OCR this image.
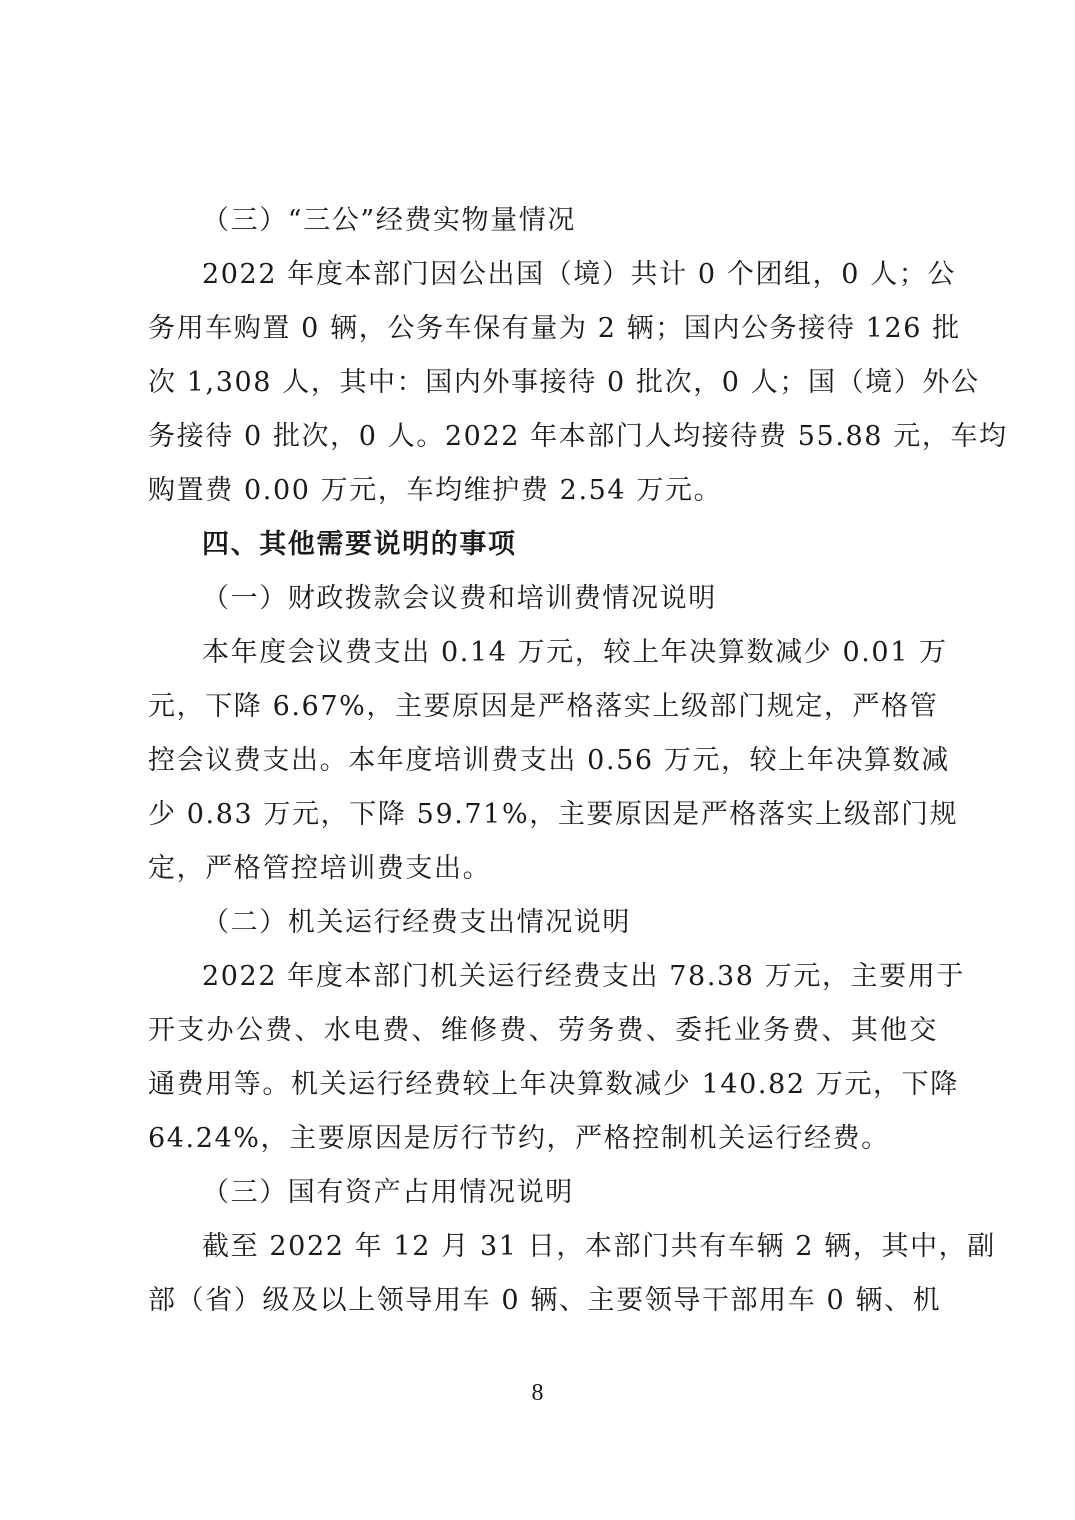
（三）“三公”经费实物量情况
2022 年度本部门因公出国（境）共计 0 个团组，0 人；公
务用车购置 0 辆，公务车保有量为 2 辆；国内公务接待 126 批
次 1,308 人，其中：国内外事接待 0 批次，0 人；国（境）外公
务接待 0 批次，0 人。2022 年本部门人均接待费 55.88 元，车均
购置费 0.00 万元，车均维护费 2.54 万元。
四、其他需要说明的事项
（一）财政拨款会议费和培训费情况说明
本年度会议费支出 0.14 万元，较上年决算数减少 0.01 万
元，下降 6.67%，主要原因是严格落实上级部门规定，严格管
控会议费支出。本年度培训费支出 0.56 万元，较上年决算数减
少 0.83 万元，下降 59.71%，主要原因是严格落实上级部门规
定，严格管控培训费支出。
（二）机关运行经费支出情况说明
2022 年度本部门机关运行经费支出 78.38 万元，主要用于
开支办公费、水电费、维修费、劳务费、委托业务费、其他交
通费用等。机关运行经费较上年决算数减少 140.82 万元，下降
64.24%，主要原因是厉行节约，严格控制机关运行经费。
（三）国有资产占用情况说明
截至 2022 年 12 月 31 日，本部门共有车辆 2 辆，其中，副
部（省）级及以上领导用车 0 辆、主要领导干部用车 0 辆、机
8
